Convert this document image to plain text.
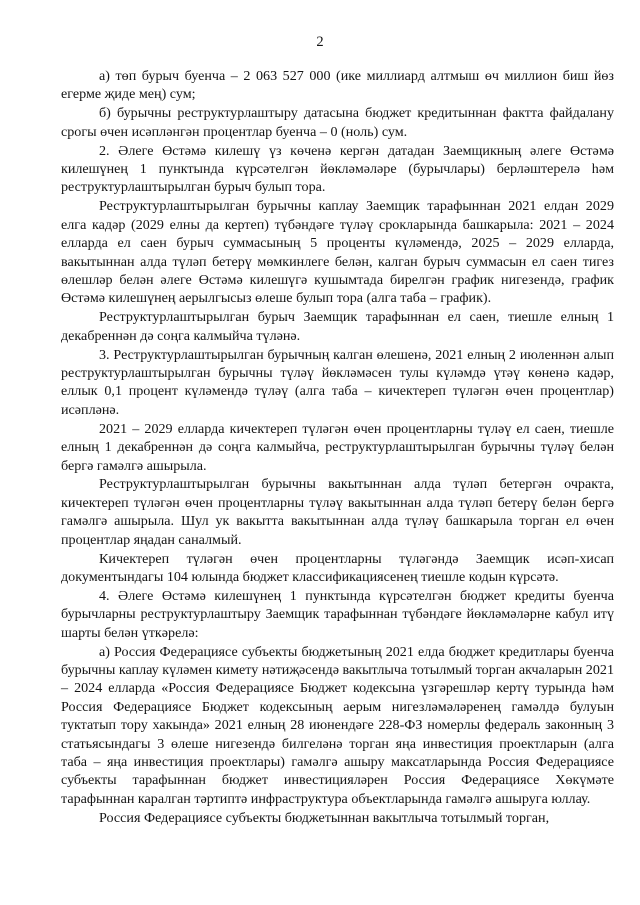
2

а) төп бурыч буенча – 2 063 527 000 (ике миллиард алтмыш өч миллион биш йөз егерме җиде мең) сум;

б) бурычны реструктурлаштыру датасына бюджет кредитыннан фактта файдалану срогы өчен исәпләнгән процентлар буенча – 0 (ноль) сум.

2. Әлеге Өстәмә килешү үз көченә кергән датадан Заемщикның әлеге Өстәмә килешүнең 1 пунктында күрсәтелгән йөкләмәләре (бурычлары) берләштерелә һәм реструктурлаштырылган бурыч булып тора.

Реструктурлаштырылган бурычны каплау Заемщик тарафыннан 2021 елдан 2029 елга кадәр (2029 елны да кертеп) түбәндәге түләү срокларында башкарыла: 2021 – 2024 елларда ел саен бурыч суммасының 5 проценты күләмендә, 2025 – 2029 елларда, вакытыннан алда түләп бетерү мөмкинлеге белән, калган бурыч суммасын ел саен тигез өлешләр белән әлеге Өстәмә килешүгә кушымтада бирелгән график нигезендә, график Өстәмә килешүнең аерылгысыз өлеше булып тора (алга таба – график).

Реструктурлаштырылган бурыч Заемщик тарафыннан ел саен, тиешле елның 1 декабреннән дә соңга калмыйча түләнә.

3. Реструктурлаштырылган бурычның калган өлешенә, 2021 елның 2 июленнән алып реструктурлаштырылган бурычны түләү йөкләмәсен тулы күләмдә үтәү көненә кадәр, еллык 0,1 процент күләмендә түләү (алга таба – кичектереп түләгән өчен процентлар) исәпләнә.

2021 – 2029 елларда кичектереп түләгән өчен процентларны түләү ел саен, тиешле елның 1 декабреннән дә соңга калмыйча, реструктурлаштырылган бурычны түләү белән бергә гамәлгә ашырыла.

Реструктурлаштырылган бурычны вакытыннан алда түләп бетергән очракта, кичектереп түләгән өчен процентларны түләү вакытыннан алда түләп бетерү белән бергә гамәлгә ашырыла. Шул ук вакытта вакытыннан алда түләү башкарыла торган ел өчен процентлар яңадан саналмый.

Кичектереп түләгән өчен процентларны түләгәндә Заемщик исәп-хисап документындагы 104 юлында бюджет классификациясенең тиешле кодын күрсәтә.

4. Әлеге Өстәмә килешүнең 1 пунктында күрсәтелгән бюджет кредиты буенча бурычларны реструктурлаштыру Заемщик тарафыннан түбәндәге йөкләмәләрне кабул итү шарты белән үткәрелә:

а) Россия Федерациясе субъекты бюджетының 2021 елда бюджет кредитлары буенча бурычны каплау күләмен кимету нәтиҗәсендә вакытлыча тотылмый торган акчаларын 2021 – 2024 елларда «Россия Федерациясе Бюджет кодексына үзгәрешләр кертү турында һәм Россия Федерациясе Бюджет кодексының аерым нигезләмәләренең гамәлдә булуын туктатып тору хакында» 2021 елның 28 июнендәге 228-ФЗ номерлы федераль законның 3 статьясындагы 3 өлеше нигезендә билгеләнә торган яңа инвестиция проектларын (алга таба – яңа инвестиция проектлары) гамәлгә ашыру максатларында Россия Федерациясе субъекты тарафыннан бюджет инвестицияләрен Россия Федерациясе Хөкүмәте тарафыннан каралган тәртиптә инфраструктура объектларында гамәлгә ашыруга юллау.

Россия Федерациясе субъекты бюджетыннан вакытлыча тотылмый торган,
